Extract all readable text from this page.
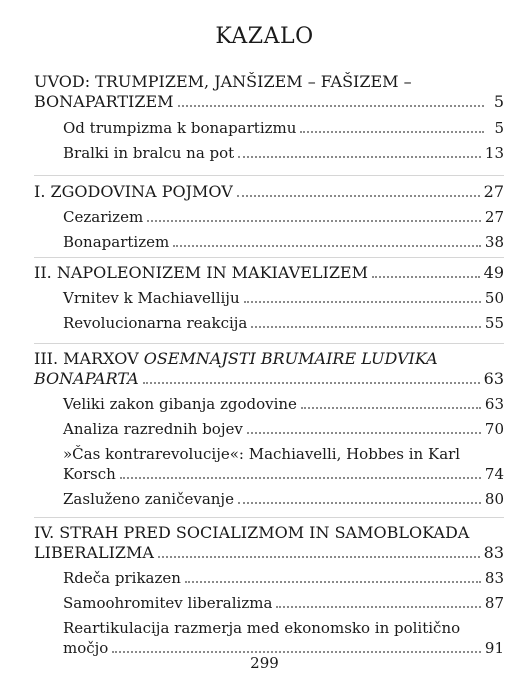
KAZALO
UVOD: TRUMPIZEM, JANŠIZEM – FAŠIZEM –
BONAPARTIZEM	5
Od trumpizma k bonapartizmu	5
Bralki in bralcu na pot	13
I. ZGODOVINA POJMOV	27
Cezarizem	27
Bonapartizem	38
II. NAPOLEONIZEM IN MAKIAVELIZEM	49
Vrnitev k Machiavelliju	50
Revolucionarna reakcija	55
III. MARXOV OSEMNAJSTI BRUMAIRE LUDVIKA
BONAPARTA	63
Veliki zakon gibanja zgodovine	63
Analiza razrednih bojev	70
»Čas kontrarevolucije«: Machiavelli, Hobbes in Karl
Korsch	74
Zasluženo zaničevanje	80
IV. STRAH PRED SOCIALIZMOM IN SAMOBLOKADA
LIBERALIZMA	83
Rdeča prikazen	83
Samoohromitev liberalizma	87
Reartikulacija razmerja med ekonomsko in politično
močjo	91
299
